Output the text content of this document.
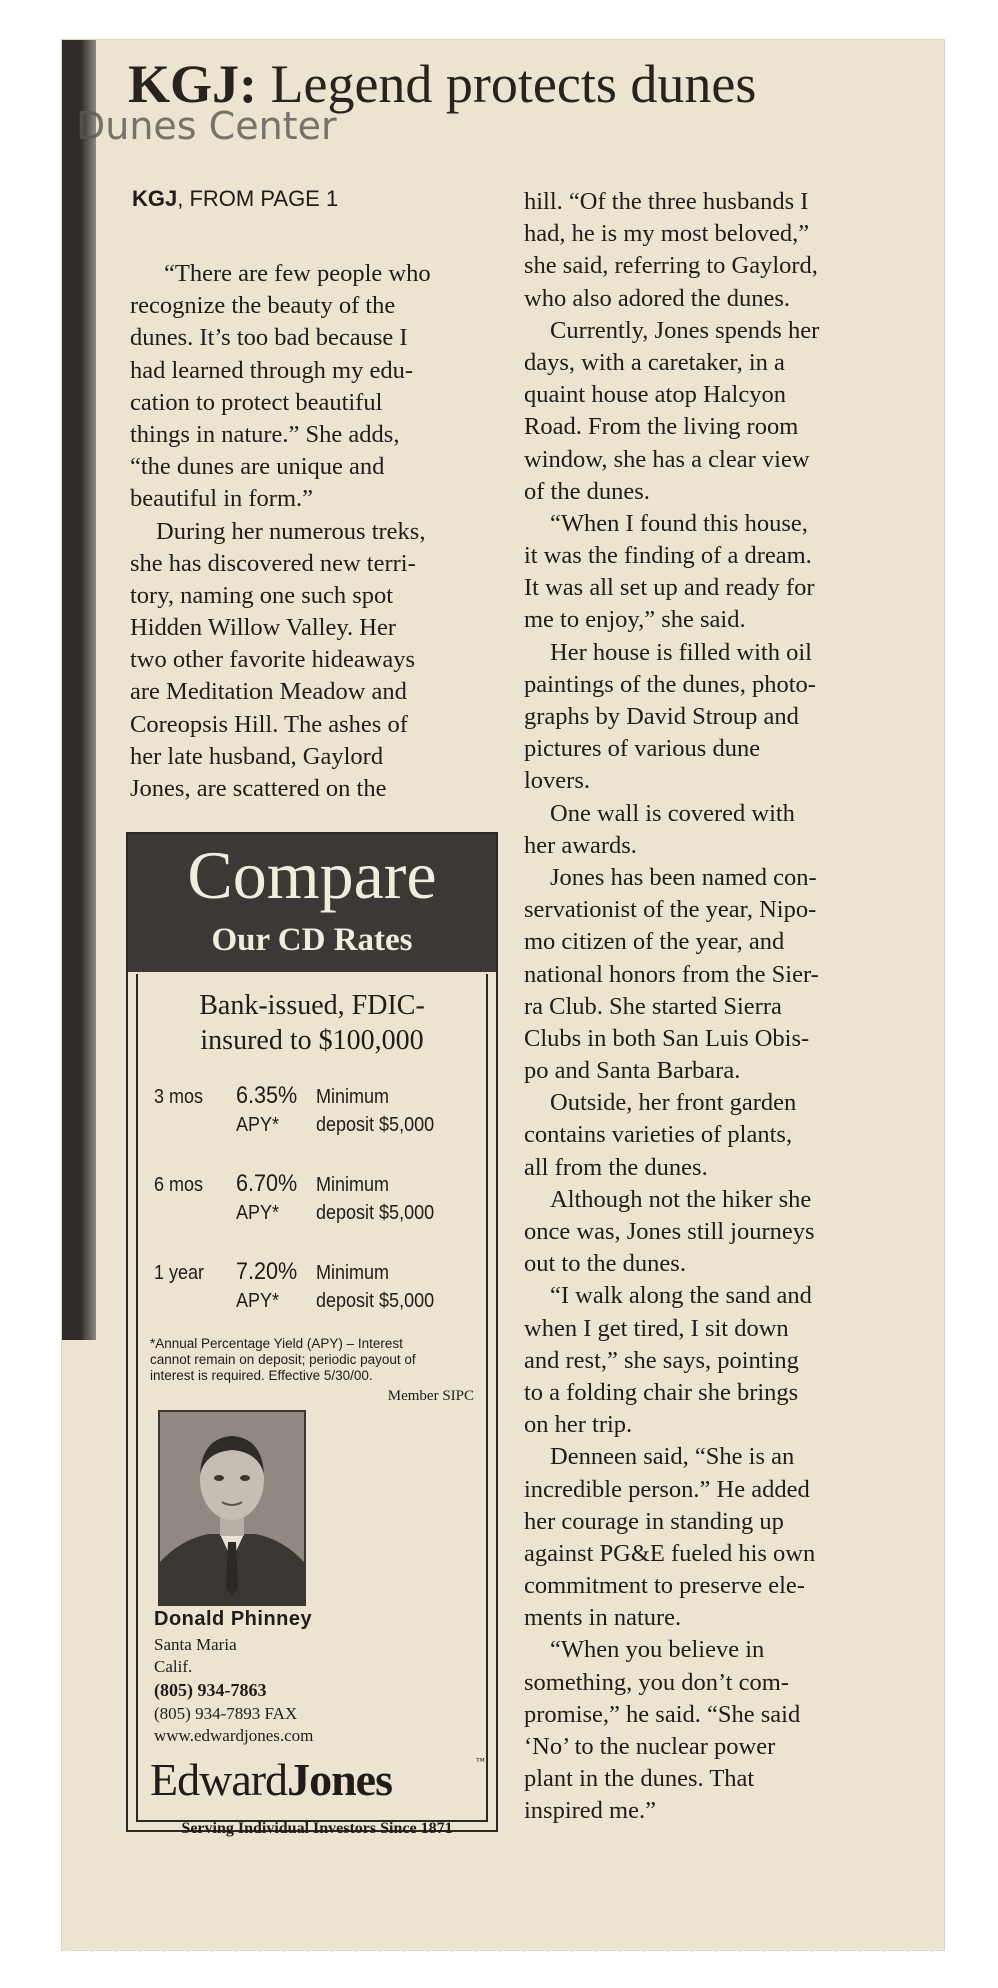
KGJ: Legend protects dunes
Dunes Center
KGJ, FROM PAGE 1
“There are few people who
recognize the beauty of the
dunes. It’s too bad because I
had learned through my edu-
cation to protect beautiful
things in nature.” She adds,
“the dunes are unique and
beautiful in form.”
During her numerous treks,
she has discovered new terri-
tory, naming one such spot
Hidden Willow Valley. Her
two other favorite hideaways
are Meditation Meadow and
Coreopsis Hill. The ashes of
her late husband, Gaylord
Jones, are scattered on the
hill. “Of the three husbands I
had, he is my most beloved,”
she said, referring to Gaylord,
who also adored the dunes.
Currently, Jones spends her
days, with a caretaker, in a
quaint house atop Halcyon
Road. From the living room
window, she has a clear view
of the dunes.
“When I found this house,
it was the finding of a dream.
It was all set up and ready for
me to enjoy,” she said.
Her house is filled with oil
paintings of the dunes, photo-
graphs by David Stroup and
pictures of various dune
lovers.
One wall is covered with
her awards.
Jones has been named con-
servationist of the year, Nipo-
mo citizen of the year, and
national honors from the Sier-
ra Club. She started Sierra
Clubs in both San Luis Obis-
po and Santa Barbara.
Outside, her front garden
contains varieties of plants,
all from the dunes.
Although not the hiker she
once was, Jones still journeys
out to the dunes.
“I walk along the sand and
when I get tired, I sit down
and rest,” she says, pointing
to a folding chair she brings
on her trip.
Denneen said, “She is an
incredible person.” He added
her courage in standing up
against PG&E fueled his own
commitment to preserve ele-
ments in nature.
“When you believe in
something, you don’t com-
promise,” he said. “She said
‘No’ to the nuclear power
plant in the dunes. That
inspired me.”
Compare
Our CD Rates
Bank-issued, FDIC-
insured to $100,000
3 mos 6.35%
APY*
Minimum
deposit $5,000
6 mos 6.70%
APY*
Minimum
deposit $5,000
1 year 7.20%
APY*
Minimum
deposit $5,000
*Annual Percentage Yield (APY) – Interest
cannot remain on deposit; periodic payout of
interest is required. Effective 5/30/00.
Member SIPC
Donald Phinney
Santa Maria
Calif.
(805) 934-7863
(805) 934-7893 FAX
www.edwardjones.com
EdwardJones	™
Serving Individual Investors Since 1871
